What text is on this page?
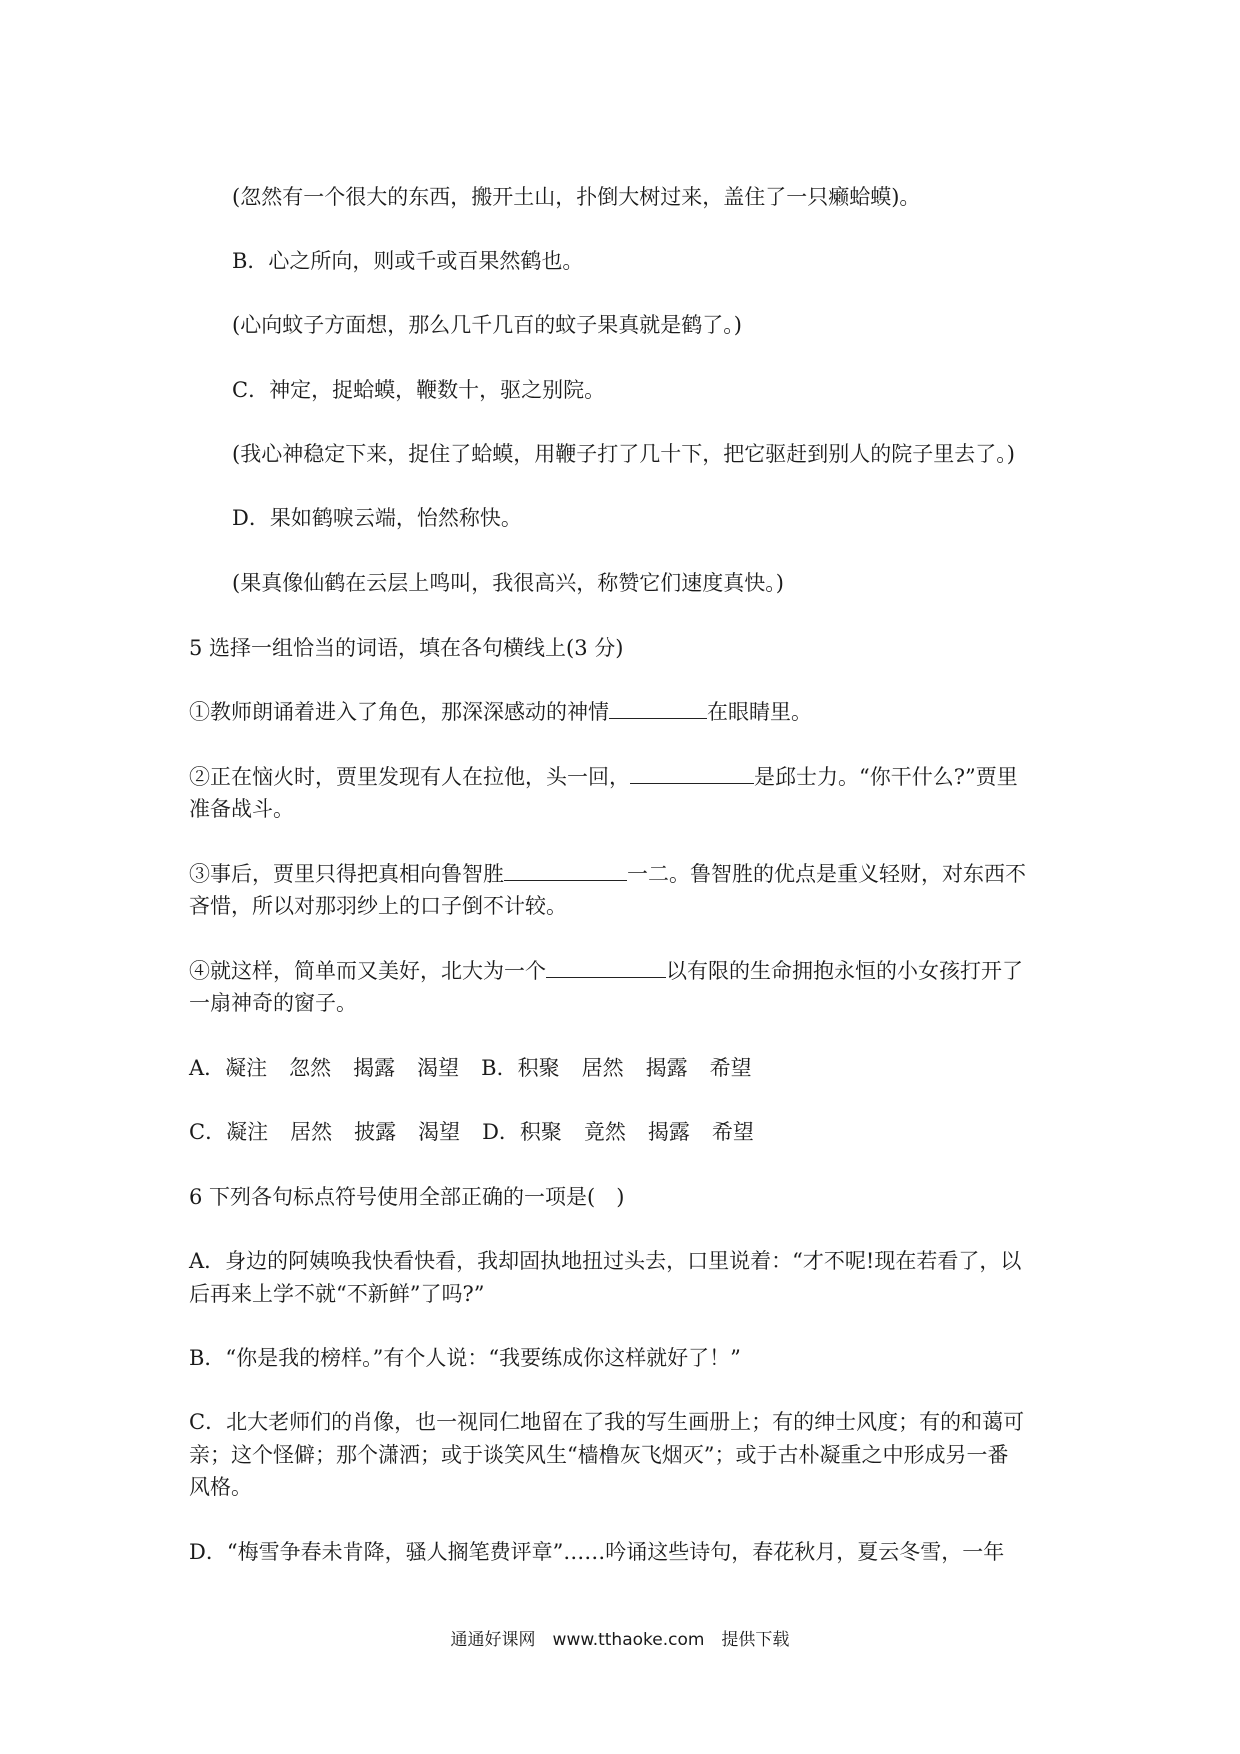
(忽然有一个很大的东西，搬开土山，扑倒大树过来，盖住了一只癞蛤蟆)。
B．心之所向，则或千或百果然鹤也。
(心向蚊子方面想，那么几千几百的蚊子果真就是鹤了。)
C．神定，捉蛤蟆，鞭数十，驱之别院。
(我心神稳定下来，捉住了蛤蟆，用鞭子打了几十下，把它驱赶到别人的院子里去了。)
D．果如鹤唳云端，怡然称快。
(果真像仙鹤在云层上鸣叫，我很高兴，称赞它们速度真快。)
5 选择一组恰当的词语，填在各句横线上(3 分)
①教师朗诵着进入了角色，那深深感动的神情	在眼睛里。
②正在恼火时，贾里发现有人在拉他，头一回，	是邱士力。“你干什么?”贾里
准备战斗。
③事后，贾里只得把真相向鲁智胜	一二。鲁智胜的优点是重义轻财，对东西不
吝惜，所以对那羽纱上的口子倒不计较。
④就这样，简单而又美好，北大为一个	以有限的生命拥抱永恒的小女孩打开了
一扇神奇的窗子。
A．凝注 忽然 揭露 渴望 B．积聚 居然 揭露 希望
C．凝注 居然 披露 渴望 D．积聚 竟然 揭露 希望
6 下列各句标点符号使用全部正确的一项是(　)
A．身边的阿姨唤我快看快看，我却固执地扭过头去，口里说着：“才不呢!现在若看了，以
后再来上学不就“不新鲜”了吗?”
B．“你是我的榜样。”有个人说：“我要练成你这样就好了！”
C．北大老师们的肖像，也一视同仁地留在了我的写生画册上；有的绅士风度；有的和蔼可
亲；这个怪僻；那个潇洒；或于谈笑风生“樯橹灰飞烟灭”；或于古朴凝重之中形成另一番
风格。
D．“梅雪争春未肯降，骚人搁笔费评章”……吟诵这些诗句，春花秋月，夏云冬雪，一年
通通好课网　www.tthaoke.com　提供下载
